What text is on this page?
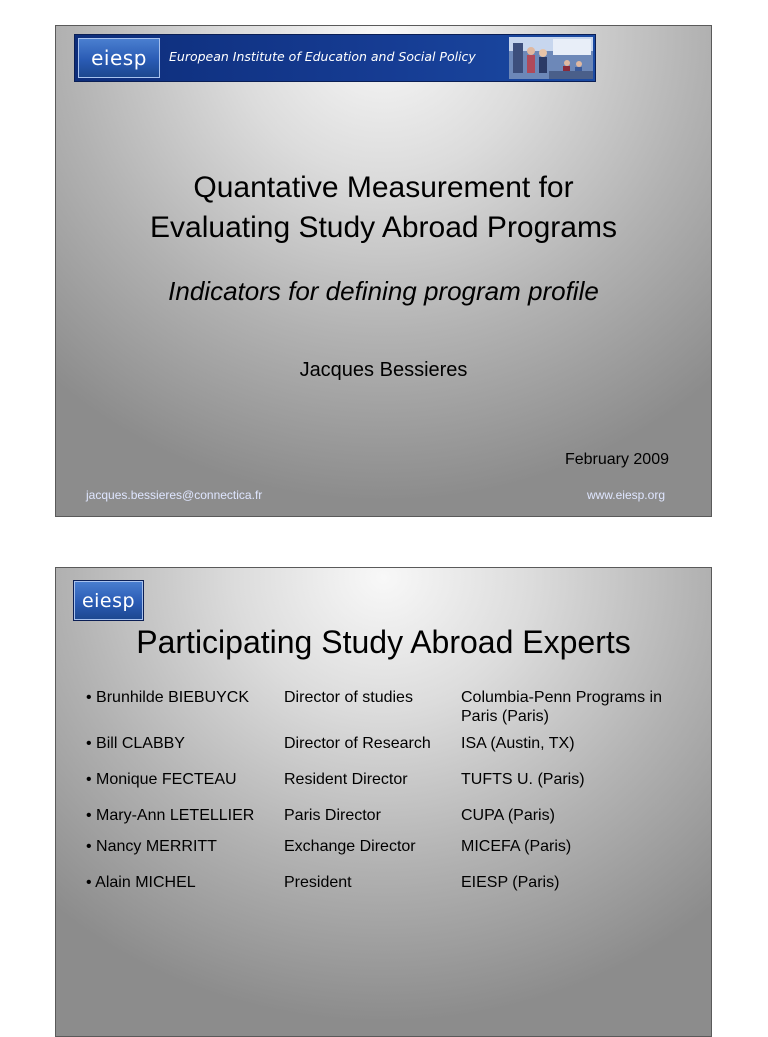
eiesp European Institute of Education and Social Policy
Quantative Measurement for
Evaluating Study Abroad Programs
Indicators for defining program profile
Jacques Bessieres
February 2009
jacques.bessieres@connectica.fr	www.eiesp.org
eiesp
Participating Study Abroad Experts
• Brunhilde BIEBUYCK	Director of studies	Columbia-Penn Programs in Paris (Paris)
• Bill CLABBY	Director of Research	ISA (Austin, TX)
• Monique FECTEAU	Resident Director	TUFTS U. (Paris)
• Mary-Ann LETELLIER	Paris Director	CUPA (Paris)
• Nancy MERRITT	Exchange Director	MICEFA (Paris)
• Alain MICHEL	President	EIESP (Paris)
